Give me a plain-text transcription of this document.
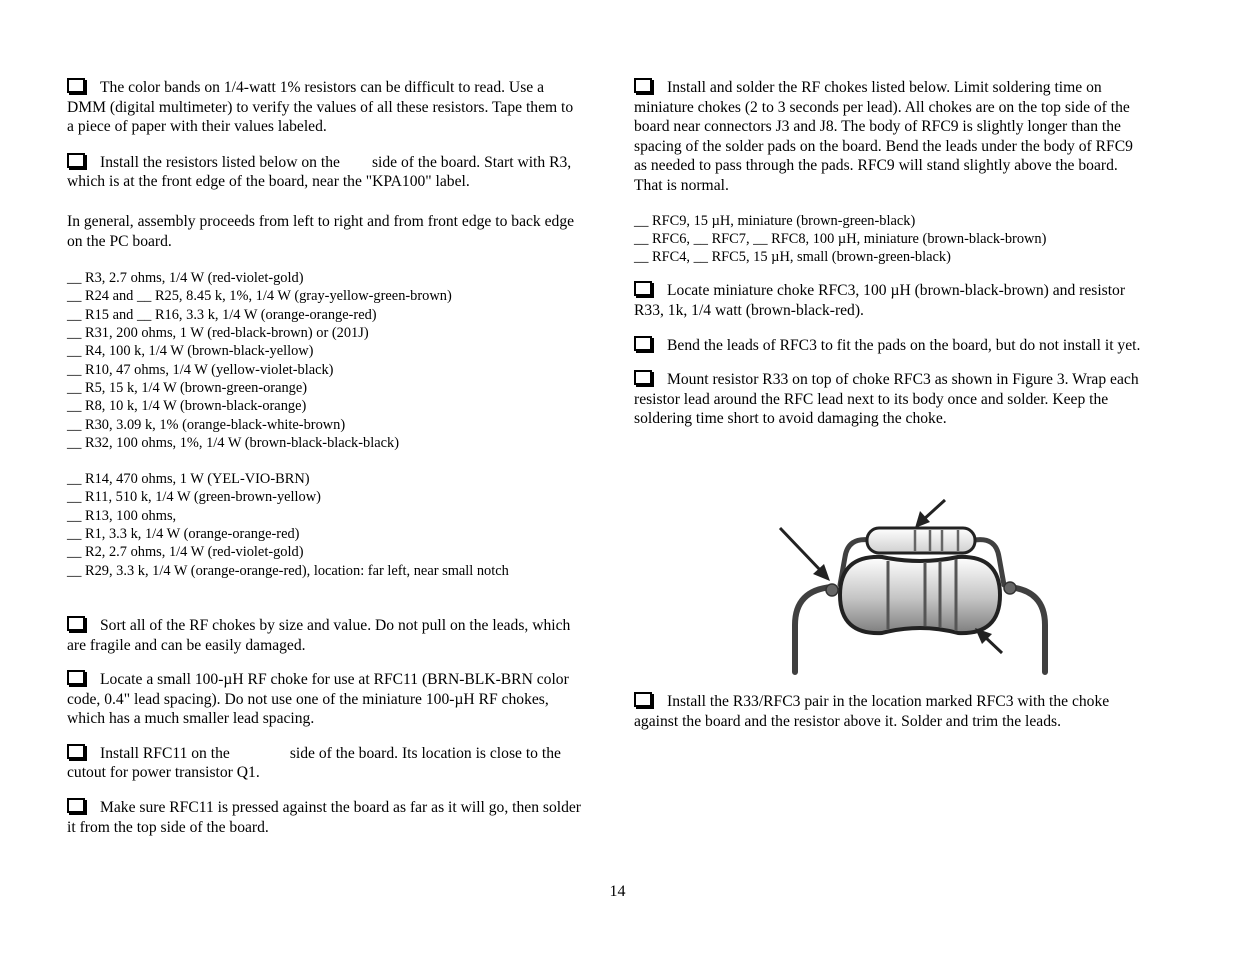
The color bands on 1/4-watt 1% resistors can be difficult to read. Use a DMM (digital multimeter) to verify the values of all these resistors. Tape them to a piece of paper with their values labeled.

Install the resistors listed below on the side of the board. Start with R3, which is at the front edge of the board, near the "KPA100" label.

In general, assembly proceeds from left to right and from front edge to back edge on the PC board.

__ R3, 2.7 ohms, 1/4 W (red-violet-gold)
__ R24 and __ R25, 8.45 k, 1%, 1/4 W (gray-yellow-green-brown)
__ R15 and __ R16, 3.3 k, 1/4 W (orange-orange-red)
__ R31, 200 ohms, 1 W (red-black-brown) or (201J)
__ R4, 100 k, 1/4 W (brown-black-yellow)
__ R10, 47 ohms, 1/4 W (yellow-violet-black)
__ R5, 15 k, 1/4 W (brown-green-orange)
__ R8, 10 k, 1/4 W (brown-black-orange)
__ R30, 3.09 k, 1% (orange-black-white-brown)
__ R32, 100 ohms, 1%, 1/4 W (brown-black-black-black)
__ R14, 470 ohms, 1 W (YEL-VIO-BRN)
__ R11, 510 k, 1/4 W (green-brown-yellow)
__ R13, 100 ohms,
__ R1, 3.3 k, 1/4 W (orange-orange-red)
__ R2, 2.7 ohms, 1/4 W (red-violet-gold)
__ R29, 3.3 k, 1/4 W (orange-orange-red), location: far left, near small notch

Sort all of the RF chokes by size and value. Do not pull on the leads, which are fragile and can be easily damaged.

Locate a small 100-µH RF choke for use at RFC11 (BRN-BLK-BRN color code, 0.4" lead spacing). Do not use one of the miniature 100-µH RF chokes, which has a much smaller lead spacing.

Install RFC11 on the	side of the board. Its location is close to the cutout for power transistor Q1.

Make sure RFC11 is pressed against the board as far as it will go, then solder it from the top side of the board.

Install and solder the RF chokes listed below. Limit soldering time on miniature chokes (2 to 3 seconds per lead). All chokes are on the top side of the board near connectors J3 and J8. The body of RFC9 is slightly longer than the spacing of the solder pads on the board. Bend the leads under the body of RFC9 as needed to pass through the pads. RFC9 will stand slightly above the board. That is normal.

__ RFC9, 15 µH, miniature (brown-green-black)
__ RFC6, __ RFC7, __ RFC8, 100 µH, miniature (brown-black-brown)
__ RFC4, __ RFC5, 15 µH, small (brown-green-black)

Locate miniature choke RFC3, 100 µH (brown-black-brown) and resistor R33, 1k, 1/4 watt (brown-black-red).

Bend the leads of RFC3 to fit the pads on the board, but do not install it yet.

Mount resistor R33 on top of choke RFC3 as shown in Figure 3. Wrap each resistor lead around the RFC lead next to its body once and solder. Keep the soldering time short to avoid damaging the choke.

Install the R33/RFC3 pair in the location marked RFC3 with the choke against the board and the resistor above it. Solder and trim the leads.

14
